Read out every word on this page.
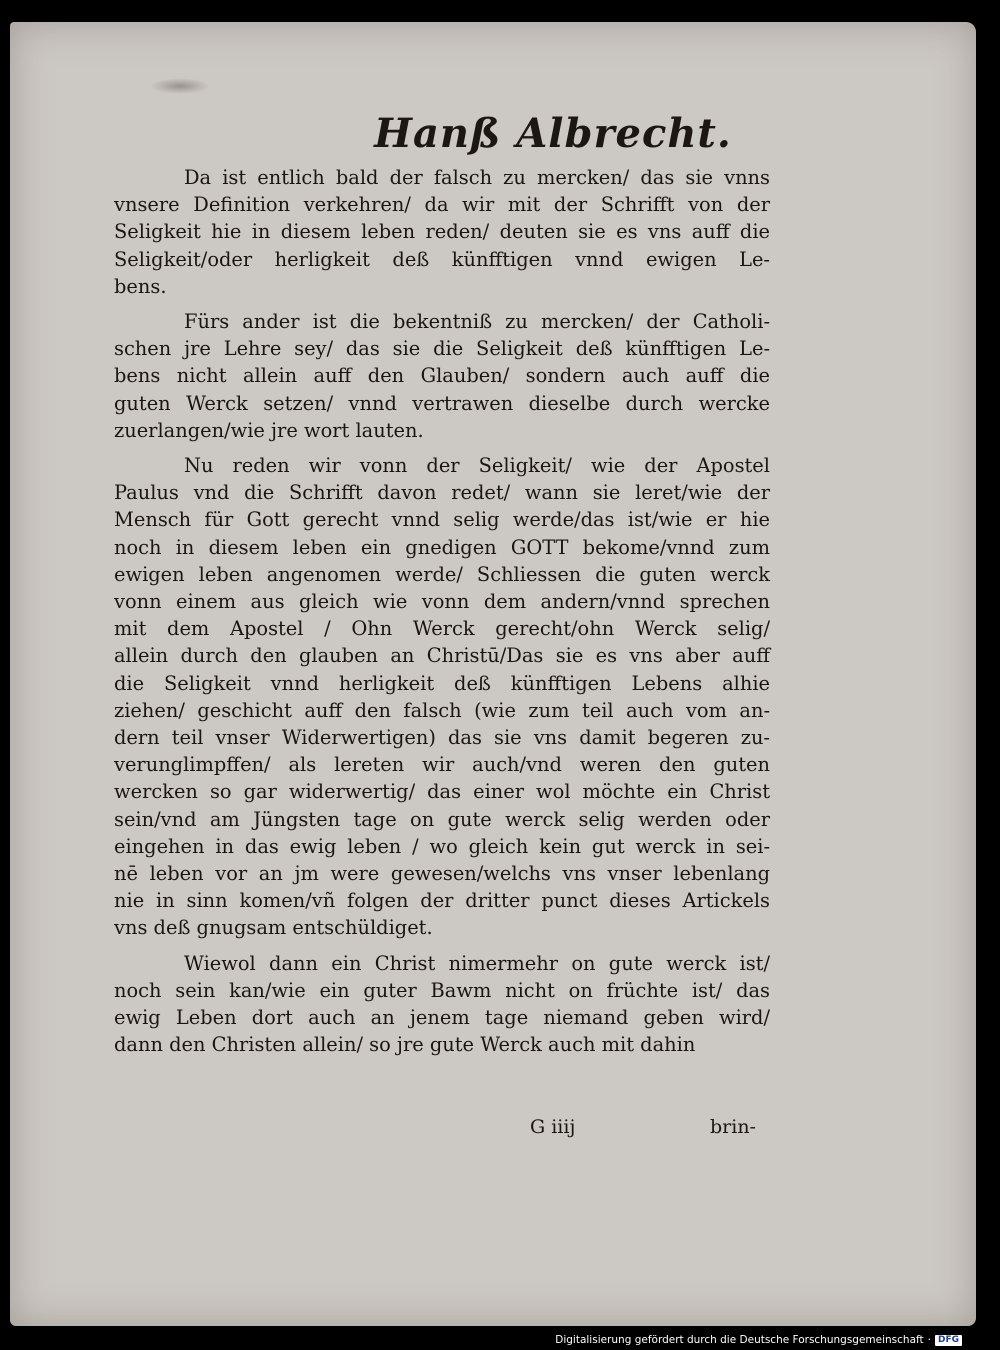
Hanß Albrecht.
Da ist entlich bald der falsch zu mercken/ das sie vnns
vnsere Definition verkehren/ da wir mit der Schrifft von der
Seligkeit hie in diesem leben reden/ deuten sie es vns auff die
Seligkeit/oder herligkeit deß künfftigen vnnd ewigen Le-
bens.
Fürs ander ist die bekentniß zu mercken/ der Catholi-
schen jre Lehre sey/ das sie die Seligkeit deß künfftigen Le-
bens nicht allein auff den Glauben/ sondern auch auff die
guten Werck setzen/ vnnd vertrawen dieselbe durch wercke
zuerlangen/wie jre wort lauten.
Nu reden wir vonn der Seligkeit/ wie der Apostel
Paulus vnd die Schrifft davon redet/ wann sie leret/wie der
Mensch für Gott gerecht vnnd selig werde/das ist/wie er hie
noch in diesem leben ein gnedigen GOTT bekome/vnnd zum
ewigen leben angenomen werde/ Schliessen die guten werck
vonn einem aus gleich wie vonn dem andern/vnnd sprechen
mit dem Apostel / Ohn Werck gerecht/ohn Werck selig/
allein durch den glauben an Christū/Das sie es vns aber auff
die Seligkeit vnnd herligkeit deß künfftigen Lebens alhie
ziehen/ geschicht auff den falsch (wie zum teil auch vom an-
dern teil vnser Widerwertigen) das sie vns damit begeren zu-
verunglimpffen/ als lereten wir auch/vnd weren den guten
wercken so gar widerwertig/ das einer wol möchte ein Christ
sein/vnd am Jüngsten tage on gute werck selig werden oder
eingehen in das ewig leben / wo gleich kein gut werck in sei-
nē leben vor an jm were gewesen/welchs vns vnser lebenlang
nie in sinn komen/vñ folgen der dritter punct dieses Artickels
vns deß gnugsam entschüldiget.
Wiewol dann ein Christ nimermehr on gute werck ist/
noch sein kan/wie ein guter Bawm nicht on früchte ist/ das
ewig Leben dort auch an jenem tage niemand geben wird/
dann den Christen allein/ so jre gute Werck auch mit dahin
G iiij	brin-
Digitalisierung gefördert durch die Deutsche Forschungsgemeinschaft · DFG
